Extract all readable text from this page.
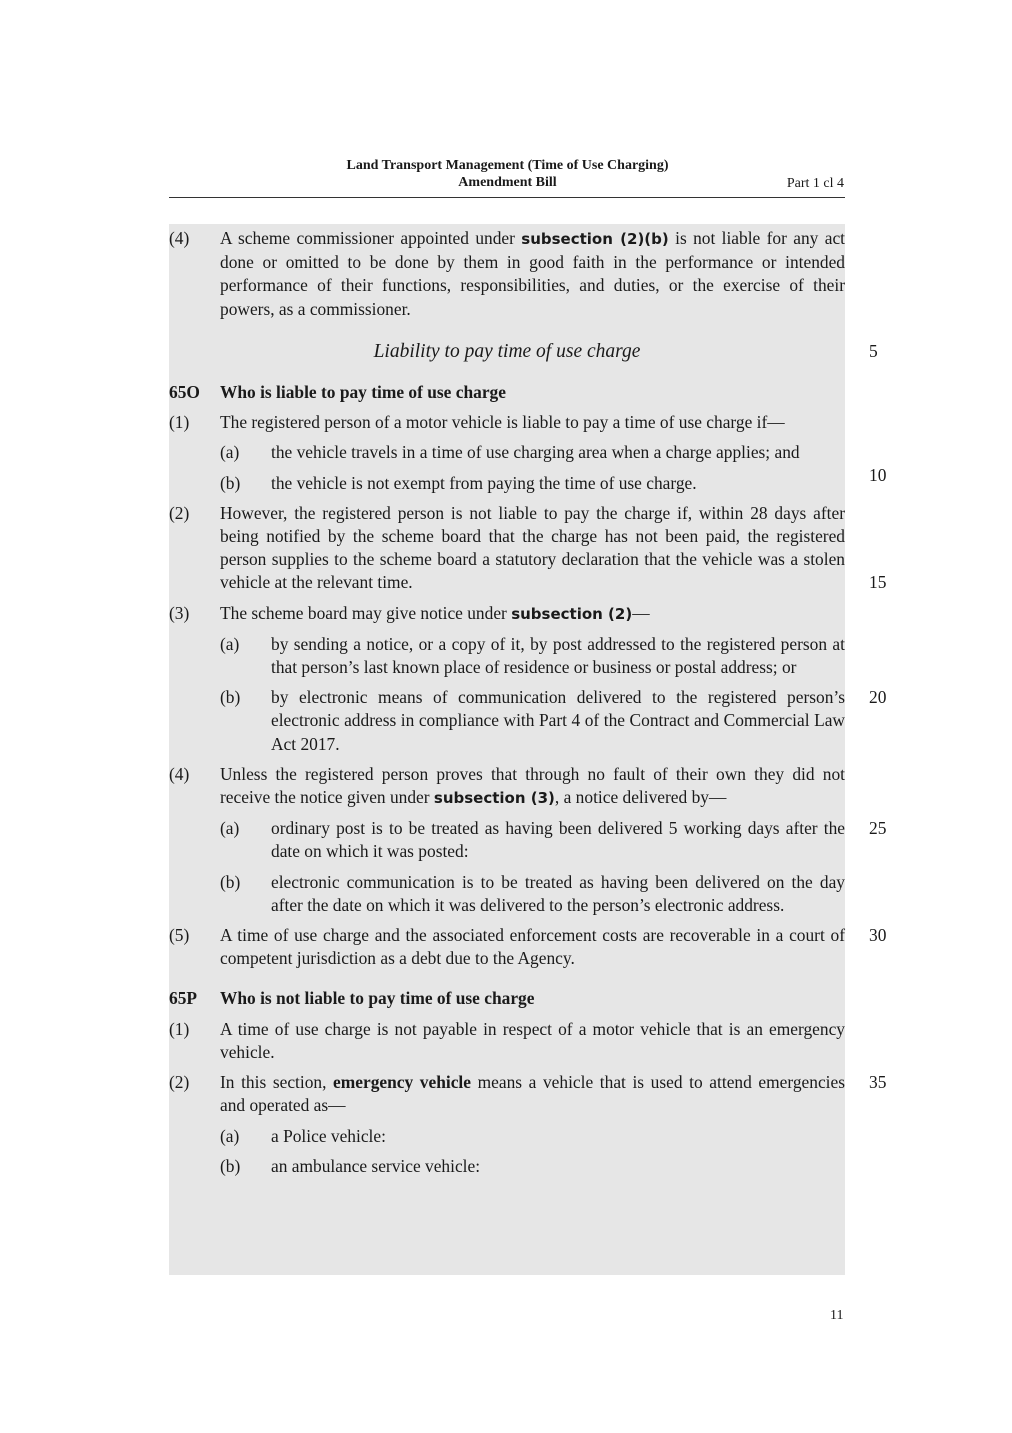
Land Transport Management (Time of Use Charging)
Amendment Bill	Part 1 cl 4
(4)	A scheme commissioner appointed under subsection (2)(b) is not liable for any act done or omitted to be done by them in good faith in the performance or intended performance of their functions, responsibilities, and duties, or the exercise of their powers, as a commissioner.
Liability to pay time of use charge	5
65O	Who is liable to pay time of use charge
(1)	The registered person of a motor vehicle is liable to pay a time of use charge if—
(a)	the vehicle travels in a time of use charging area when a charge applies; and
10
(b)	the vehicle is not exempt from paying the time of use charge.
(2)	However, the registered person is not liable to pay the charge if, within 28 days after being notified by the scheme board that the charge has not been paid, the registered person supplies to the scheme board a statutory declaration that the vehicle was a stolen vehicle at the relevant time.	15
(3)	The scheme board may give notice under subsection (2)—
(a)	by sending a notice, or a copy of it, by post addressed to the registered person at that person’s last known place of residence or business or postal address; or
(b)	by electronic means of communication delivered to the registered person’s electronic address in compliance with Part 4 of the Contract and Commercial Law Act 2017.
20
(4)	Unless the registered person proves that through no fault of their own they did not receive the notice given under subsection (3), a notice delivered by—
(a)	ordinary post is to be treated as having been delivered 5 working days after the date on which it was posted:
25
(b)	electronic communication is to be treated as having been delivered on the day after the date on which it was delivered to the person’s electronic address.
(5)	A time of use charge and the associated enforcement costs are recoverable in a court of competent jurisdiction as a debt due to the Agency.
30
65P	Who is not liable to pay time of use charge
(1)	A time of use charge is not payable in respect of a motor vehicle that is an emergency vehicle.
(2)	In this section, emergency vehicle means a vehicle that is used to attend emergencies and operated as—
35
(a)	a Police vehicle:
(b)	an ambulance service vehicle:
11
